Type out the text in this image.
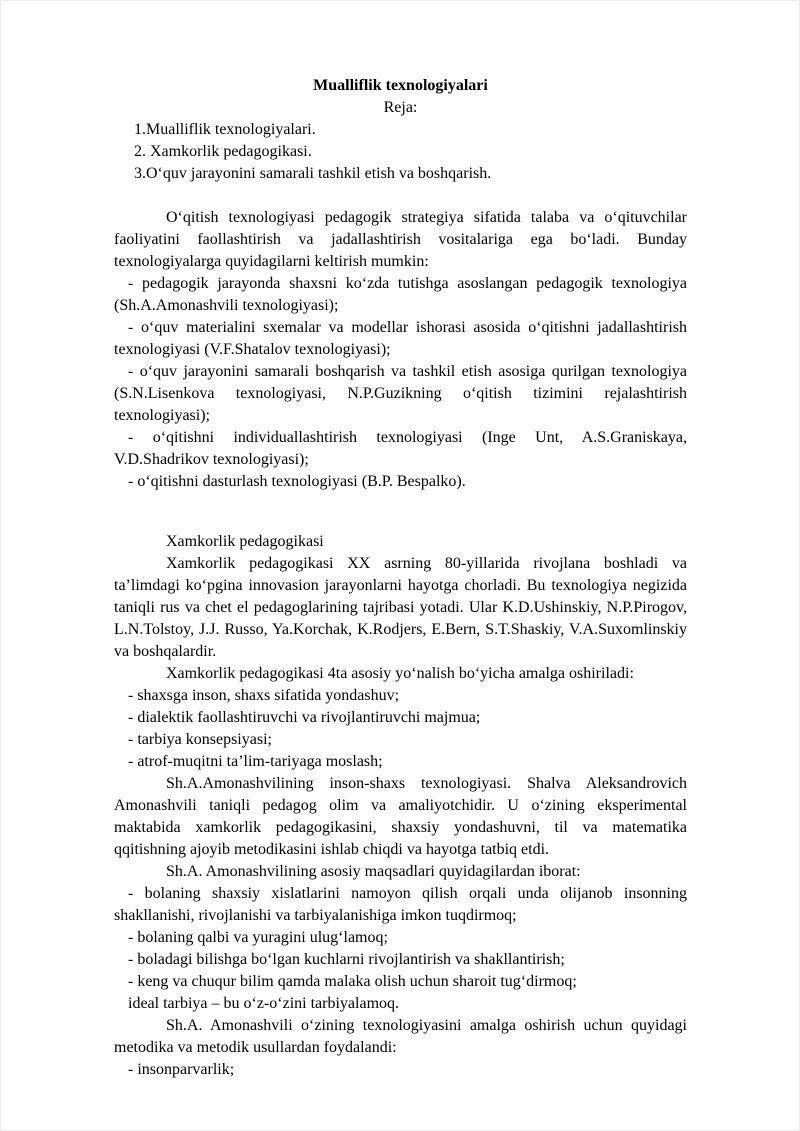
Mualliflik texnologiyalari

Reja:

1.Mualliflik texnologiyalari.

2. Xamkorlik pedagogikasi.

3.O‘quv jarayonini samarali tashkil etish va boshqarish.

O‘qitish texnologiyasi pedagogik strategiya sifatida talaba va o‘qituvchilar faoliyatini faollashtirish va jadallashtirish vositalariga ega bo‘ladi. Bunday texnologiyalarga quyidagilarni keltirish mumkin:

- pedagogik jarayonda shaxsni ko‘zda tutishga asoslangan pedagogik texnologiya (Sh.A.Amonashvili texnologiyasi);

- o‘quv materialini sxemalar va modellar ishorasi asosida o‘qitishni jadallashtirish texnologiyasi (V.F.Shatalov texnologiyasi);

- o‘quv jarayonini samarali boshqarish va tashkil etish asosiga qurilgan texnologiya (S.N.Lisenkova texnologiyasi, N.P.Guzikning o‘qitish tizimini rejalashtirish texnologiyasi);

- o‘qitishni individuallashtirish texnologiyasi (Inge Unt, A.S.Graniskaya, V.D.Shadrikov texnologiyasi);

- o‘qitishni dasturlash texnologiyasi (B.P. Bespalko).

Xamkorlik pedagogikasi

Xamkorlik pedagogikasi XX asrning 80-yillarida rivojlana boshladi va ta’limdagi ko‘pgina innovasion jarayonlarni hayotga chorladi. Bu texnologiya negizida taniqli rus va chet el pedagoglarining tajribasi yotadi. Ular K.D.Ushinskiy, N.P.Pirogov, L.N.Tolstoy, J.J. Russo, Ya.Korchak, K.Rodjers, E.Bern, S.T.Shaskiy, V.A.Suxomlinskiy va boshqalardir.

Xamkorlik pedagogikasi 4ta asosiy yo‘nalish bo‘yicha amalga oshiriladi:

- shaxsga inson, shaxs sifatida yondashuv;

- dialektik faollashtiruvchi va rivojlantiruvchi majmua;

- tarbiya konsepsiyasi;

- atrof-muqitni ta’lim-tariyaga moslash;

Sh.A.Amonashvilining inson-shaxs texnologiyasi. Shalva Aleksandrovich Amonashvili taniqli pedagog olim va amaliyotchidir. U o‘zining eksperimental maktabida xamkorlik pedagogikasini, shaxsiy yondashuvni, til va matematika qqitishning ajoyib metodikasini ishlab chiqdi va hayotga tatbiq etdi.

Sh.A. Amonashvilining asosiy maqsadlari quyidagilardan iborat:

- bolaning shaxsiy xislatlarini namoyon qilish orqali unda olijanob insonning shakllanishi, rivojlanishi va tarbiyalanishiga imkon tuqdirmoq;

- bolaning qalbi va yuragini ulug‘lamoq;

- boladagi bilishga bo‘lgan kuchlarni rivojlantirish va shakllantirish;

- keng va chuqur bilim qamda malaka olish uchun sharoit tug‘dirmoq;

ideal tarbiya – bu o‘z-o‘zini tarbiyalamoq.

Sh.A. Amonashvili o‘zining texnologiyasini amalga oshirish uchun quyidagi metodika va metodik usullardan foydalandi:

- insonparvarlik;
